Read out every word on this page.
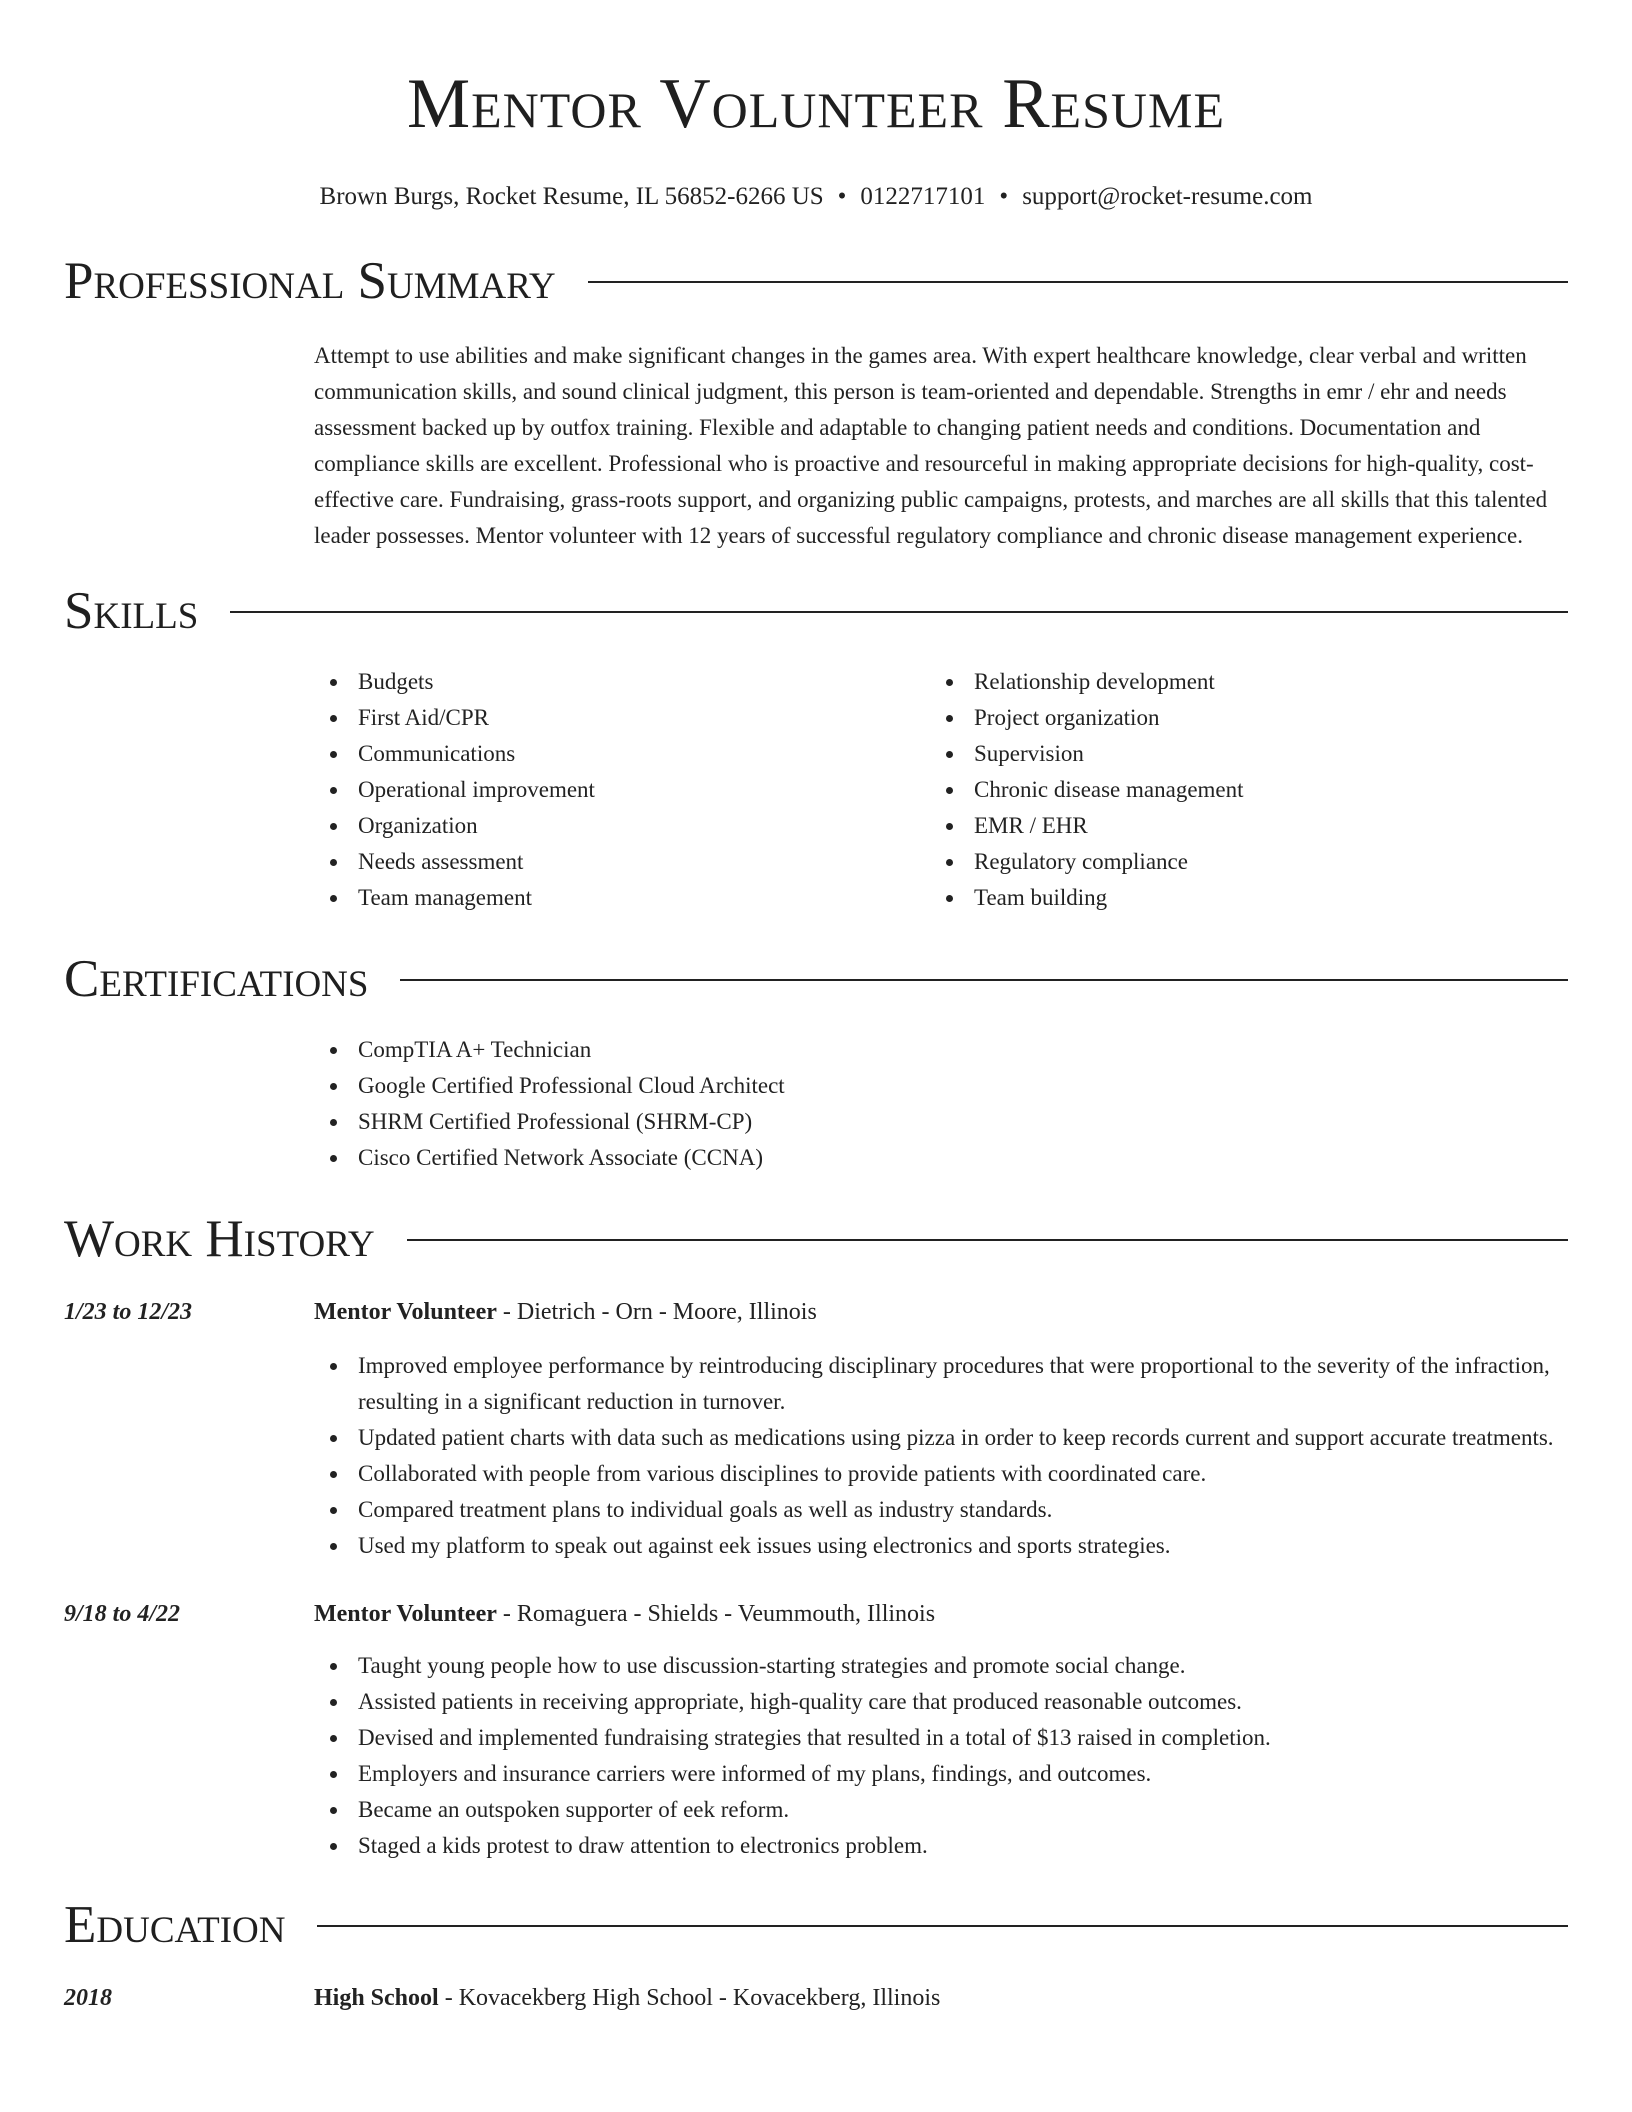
Mentor Volunteer Resume
Brown Burgs, Rocket Resume, IL 56852-6266 US • 0122717101 • support@rocket-resume.com
Professional Summary

Attempt to use abilities and make significant changes in the games area. With expert healthcare knowledge, clear verbal and written communication skills, and sound clinical judgment, this person is team-oriented and dependable. Strengths in emr / ehr and needs assessment backed up by outfox training. Flexible and adaptable to changing patient needs and conditions. Documentation and compliance skills are excellent. Professional who is proactive and resourceful in making appropriate decisions for high-quality, cost-effective care. Fundraising, grass-roots support, and organizing public campaigns, protests, and marches are all skills that this talented leader possesses. Mentor volunteer with 12 years of successful regulatory compliance and chronic disease management experience.

Skills
Budgets
First Aid/CPR
Communications
Operational improvement
Organization
Needs assessment
Team management
Relationship development
Project organization
Supervision
Chronic disease management
EMR / EHR
Regulatory compliance
Team building
Certifications
CompTIA A+ Technician
Google Certified Professional Cloud Architect
SHRM Certified Professional (SHRM-CP)
Cisco Certified Network Associate (CCNA)
Work History
1/23 to 12/23	Mentor Volunteer - Dietrich - Orn - Moore, Illinois
Improved employee performance by reintroducing disciplinary procedures that were proportional to the severity of the infraction, resulting in a significant reduction in turnover.
Updated patient charts with data such as medications using pizza in order to keep records current and support accurate treatments.
Collaborated with people from various disciplines to provide patients with coordinated care.
Compared treatment plans to individual goals as well as industry standards.
Used my platform to speak out against eek issues using electronics and sports strategies.
9/18 to 4/22	Mentor Volunteer - Romaguera - Shields - Veummouth, Illinois
Taught young people how to use discussion-starting strategies and promote social change.
Assisted patients in receiving appropriate, high-quality care that produced reasonable outcomes.
Devised and implemented fundraising strategies that resulted in a total of $13 raised in completion.
Employers and insurance carriers were informed of my plans, findings, and outcomes.
Became an outspoken supporter of eek reform.
Staged a kids protest to draw attention to electronics problem.
Education
2018	High School - Kovacekberg High School - Kovacekberg, Illinois
